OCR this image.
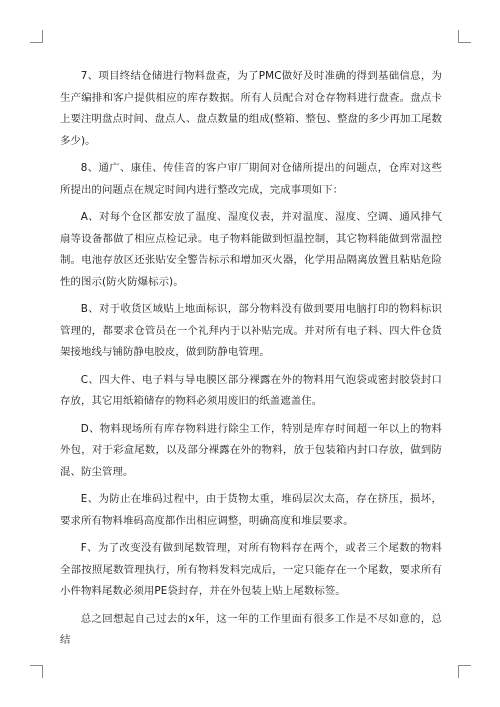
7、项目终结仓储进行物料盘查，为了PMC做好及时准确的得到基础信息，为生产编排和客户提供相应的库存数据。所有人员配合对仓存物料进行盘查。盘点卡上要注明盘点时间、盘点人、盘点数量的组成(整箱、整包、整盘的多少再加工尾数多少)。

8、通广、康佳、传佳音的客户审厂期间对仓储所提出的问题点，仓库对这些所提出的问题点在规定时间内进行整改完成，完成事项如下：

A、对每个仓区都安放了温度、湿度仪表，并对温度、湿度、空调、通风排气扇等设备都做了相应点检记录。电子物料能做到恒温控制，其它物料能做到常温控制。电池存放区还张贴安全警告标示和增加灭火器，化学用品隔离放置且粘贴危险性的图示(防火防爆标示)。

B、对于收货区域贴上地面标识，部分物料没有做到要用电脑打印的物料标识管理的，都要求仓管员在一个礼拜内于以补贴完成。并对所有电子料、四大件仓货架接地线与铺防静电胶皮，做到防静电管理。

C、四大件、电子料与导电膜区部分裸露在外的物料用气泡袋或密封胶袋封口存放，其它用纸箱储存的物料必须用废旧的纸盖遮盖住。

D、物料现场所有库存物料进行除尘工作，特别是库存时间超一年以上的物料外包，对于彩盒尾数，以及部分裸露在外的物料，放于包装箱内封口存放，做到防混、防尘管理。

E、为防止在堆码过程中，由于货物太重，堆码层次太高，存在挤压，损坏，要求所有物料堆码高度都作出相应调整，明确高度和堆层要求。

F、为了改变没有做到尾数管理，对所有物料存在两个，或者三个尾数的物料全部按照尾数管理执行，所有物料发料完成后，一定只能存在一个尾数，要求所有小件物料尾数必须用PE袋封存，并在外包装上贴上尾数标签。

总之回想起自己过去的x年，这一年的工作里面有很多工作是不尽如意的，总结
